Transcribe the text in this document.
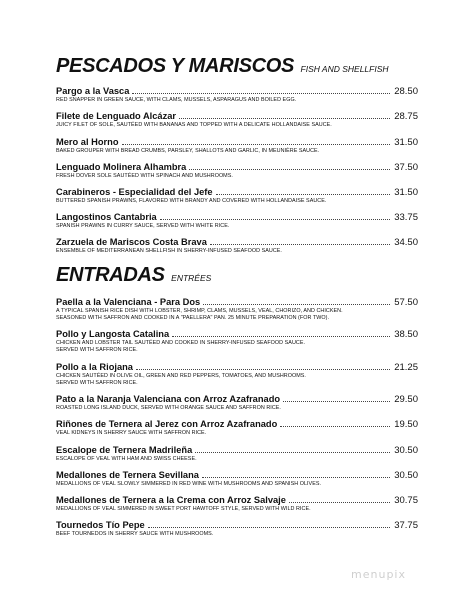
PESCADOS Y MARISCOS FISH AND SHELLFISH
Pargo a la Vasca	28.50
RED SNAPPER IN GREEN SAUCE, WITH CLAMS, MUSSELS, ASPARAGUS AND BOILED EGG.
Filete de Lenguado Alcázar	28.75
JUICY FILET OF SOLE, SAUTÉED WITH BANANAS AND TOPPED WITH A DELICATE HOLLANDAISE SAUCE.
Mero al Horno	31.50
BAKED GROUPER WITH BREAD CRUMBS, PARSLEY, SHALLOTS AND GARLIC, IN MEUNIÈRE SAUCE.
Lenguado Molinera Alhambra	37.50
FRESH DOVER SOLE SAUTÉED WITH SPINACH AND MUSHROOMS.
Carabineros - Especialidad del Jefe	31.50
BUTTERED SPANISH PRAWNS, FLAVORED WITH BRANDY AND COVERED WITH HOLLANDAISE SAUCE.
Langostinos Cantabria	33.75
SPANISH PRAWNS IN CURRY SAUCE, SERVED WITH WHITE RICE.
Zarzuela de Mariscos Costa Brava	34.50
ENSEMBLE OF MEDITERRANEAN SHELLFISH IN SHERRY-INFUSED SEAFOOD SAUCE.
ENTRADAS ENTRÉES
Paella a la Valenciana - Para Dos	57.50
A TYPICAL SPANISH RICE DISH WITH LOBSTER, SHRIMP, CLAMS, MUSSELS, VEAL, CHORIZO, AND CHICKEN.
SEASONED WITH SAFFRON AND COOKED IN A "PAELLERA" PAN. 25 MINUTE PREPARATION (FOR TWO).
Pollo y Langosta Catalina	38.50
CHICKEN AND LOBSTER TAIL SAUTÉED AND COOKED IN SHERRY-INFUSED SEAFOOD SAUCE.
SERVED WITH SAFFRON RICE.
Pollo a la Riojana	21.25
CHICKEN SAUTÉED IN OLIVE OIL, GREEN AND RED PEPPERS, TOMATOES, AND MUSHROOMS.
SERVED WITH SAFFRON RICE.
Pato a la Naranja Valenciana con Arroz Azafranado	29.50
ROASTED LONG ISLAND DUCK, SERVED WITH ORANGE SAUCE AND SAFFRON RICE.
Riñones de Ternera al Jerez con Arroz Azafranado	19.50
VEAL KIDNEYS IN SHERRY SAUCE WITH SAFFRON RICE.
Escalope de Ternera Madrileña	30.50
ESCALOPE OF VEAL WITH HAM AND SWISS CHEESE.
Medallones de Ternera Sevillana	30.50
MEDALLIONS OF VEAL SLOWLY SIMMERED IN RED WINE WITH MUSHROOMS AND SPANISH OLIVES.
Medallones de Ternera a la Crema con Arroz Salvaje	30.75
MEDALLIONS OF VEAL SIMMERED IN SWEET PORT HAWTOFF STYLE, SERVED WITH WILD RICE.
Tournedos Tío Pepe	37.75
BEEF TOURNEDOS IN SHERRY SAUCE WITH MUSHROOMS.
menupix
